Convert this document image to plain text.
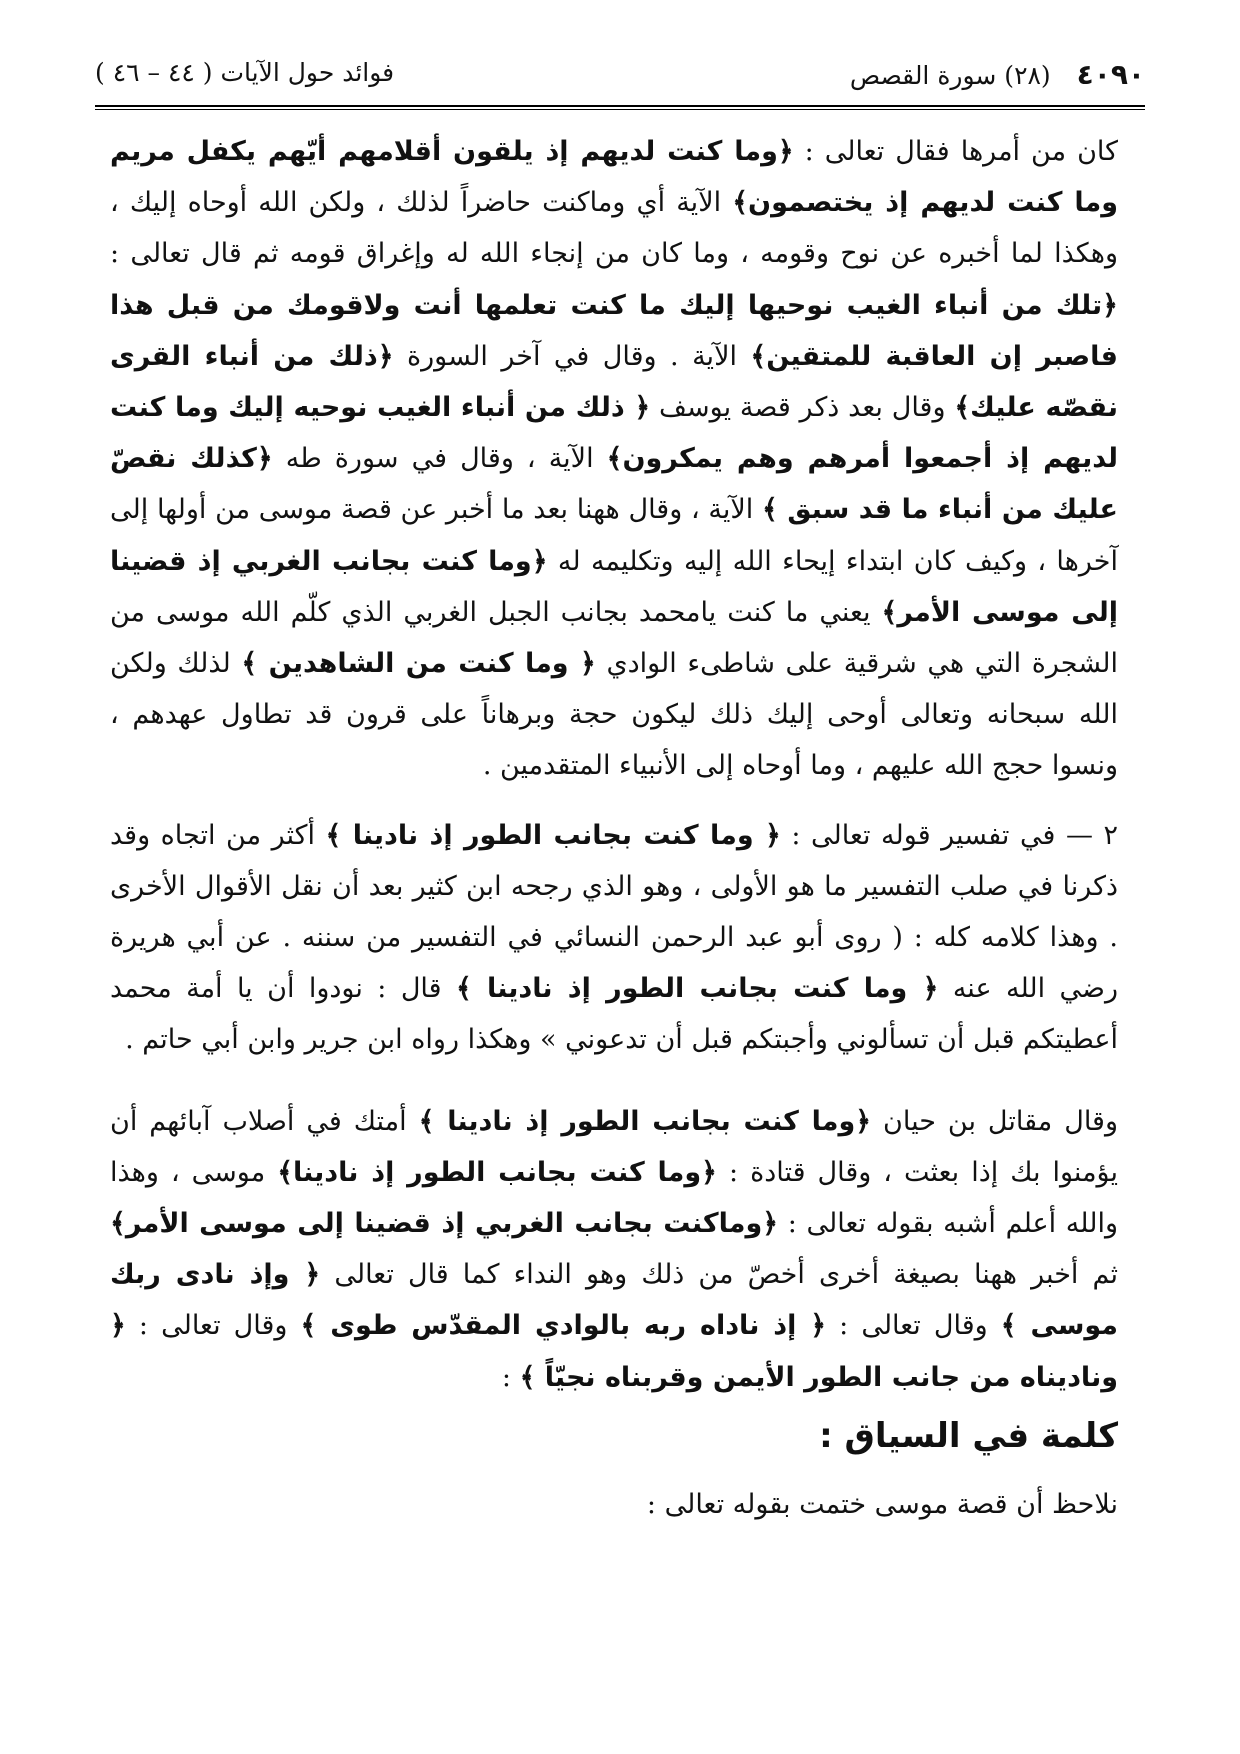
٤٠٩٠ (٢٨) سورة القصص
فوائد حول الآيات ( ٤٤ – ٤٦ )

كان من أمرها فقال تعالى : ﴿وما كنت لديهم إذ يلقون أقلامهم أيّهم يكفل مريم وما كنت لديهم إذ يختصمون﴾ الآية أي وماكنت حاضراً لذلك ، ولكن الله أوحاه إليك ، وهكذا لما أخبره عن نوح وقومه ، وما كان من إنجاء الله له وإغراق قومه ثم قال تعالى : ﴿تلك من أنباء الغيب نوحيها إليك ما كنت تعلمها أنت ولاقومك من قبل هذا فاصبر إن العاقبة للمتقين﴾ الآية . وقال في آخر السورة ﴿ذلك من أنباء القرى نقصّه عليك﴾ وقال بعد ذكر قصة يوسف ﴿ ذلك من أنباء الغيب نوحيه إليك وما كنت لديهم إذ أجمعوا أمرهم وهم يمكرون﴾ الآية ، وقال في سورة طه ﴿كذلك نقصّ عليك من أنباء ما قد سبق ﴾ الآية ، وقال ههنا بعد ما أخبر عن قصة موسى من أولها إلى آخرها ، وكيف كان ابتداء إيحاء الله إليه وتكليمه له ﴿وما كنت بجانب الغربي إذ قضينا إلى موسى الأمر﴾ يعني ما كنت يامحمد بجانب الجبل الغربي الذي كلّم الله موسى من الشجرة التي هي شرقية على شاطىء الوادي ﴿ وما كنت من الشاهدين ﴾ لذلك ولكن الله سبحانه وتعالى أوحى إليك ذلك ليكون حجة وبرهاناً على قرون قد تطاول عهدهم ، ونسوا حجج الله عليهم ، وما أوحاه إلى الأنبياء المتقدمين .

٢ — في تفسير قوله تعالى : ﴿ وما كنت بجانب الطور إذ نادينا ﴾ أكثر من اتجاه وقد ذكرنا في صلب التفسير ما هو الأولى ، وهو الذي رجحه ابن كثير بعد أن نقل الأقوال الأخرى . وهذا كلامه كله : ( روى أبو عبد الرحمن النسائي في التفسير من سننه . عن أبي هريرة رضي الله عنه ﴿ وما كنت بجانب الطور إذ نادينا ﴾ قال : نودوا أن يا أمة محمد أعطيتكم قبل أن تسألوني وأجبتكم قبل أن تدعوني » وهكذا رواه ابن جرير وابن أبي حاتم .

وقال مقاتل بن حيان ﴿وما كنت بجانب الطور إذ نادينا ﴾ أمتك في أصلاب آبائهم أن يؤمنوا بك إذا بعثت ، وقال قتادة : ﴿وما كنت بجانب الطور إذ نادينا﴾ موسى ، وهذا والله أعلم أشبه بقوله تعالى : ﴿وماكنت بجانب الغربي إذ قضينا إلى موسى الأمر﴾ ثم أخبر ههنا بصيغة أخرى أخصّ من ذلك وهو النداء كما قال تعالى ﴿ وإذ نادى ربك موسى ﴾ وقال تعالى : ﴿ إذ ناداه ربه بالوادي المقدّس طوى ﴾ وقال تعالى : ﴿ وناديناه من جانب الطور الأيمن وقربناه نجيّاً ﴾ :

كلمة في السياق :

نلاحظ أن قصة موسى ختمت بقوله تعالى :
